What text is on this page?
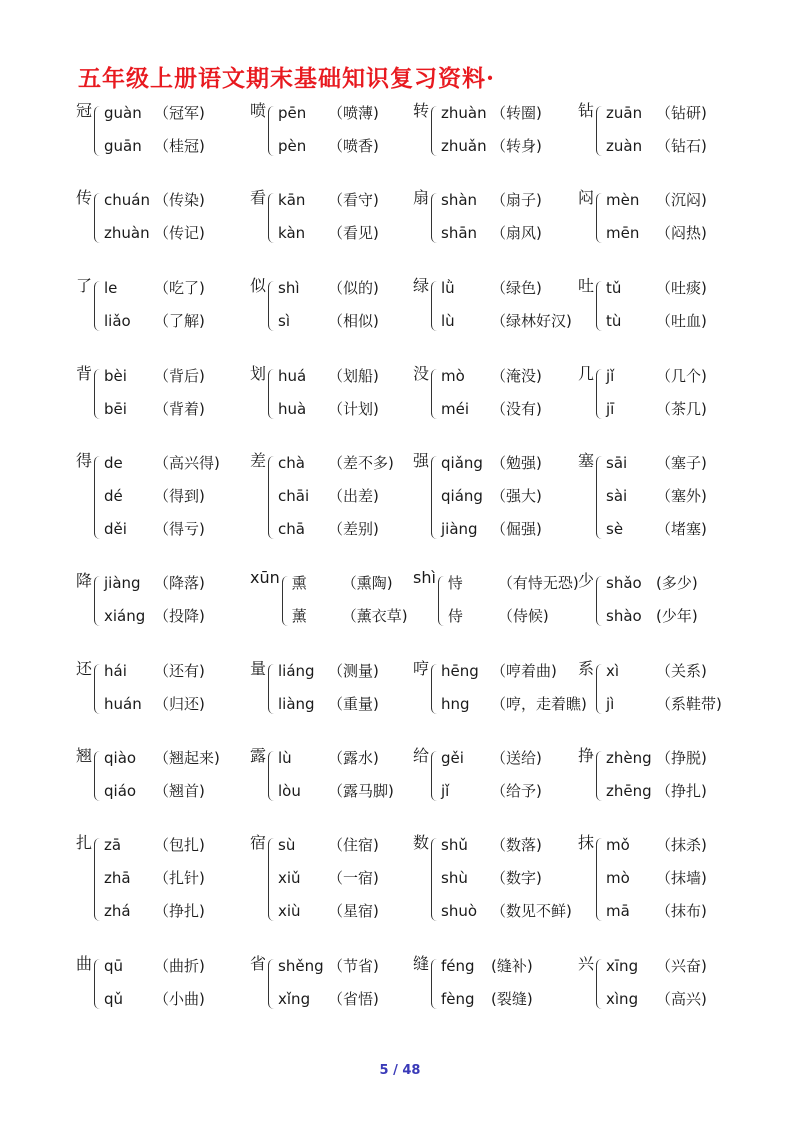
五年级上册语文期末基础知识复习资料·
冠 guàn （冠军)
guān （桂冠)
喷 pēn	（喷薄)
pèn	（喷香)
转 zhuàn （转圈)
zhuǎn （转身)
钻 zuān （钻研)
zuàn （钻石)
传 chuán （传染)
zhuàn （传记)
看 kān	（看守)
kàn	（看见)
扇 shàn （扇子)
shān （扇风)
闷 mèn	（沉闷)
mēn	（闷热)
了 le	（吃了)
liǎo	（了解)
似 shì	（似的)
sì	（相似)
绿 lǜ	（绿色)
lù	（绿林好汉)
吐 tǔ	（吐痰)
tù	（吐血)
背 bèi	（背后)
bēi	（背着)
划 huá	（划船)
huà	（计划)
没 mò	（淹没)
méi	（没有)
几 jǐ	（几个)
jī	（茶几)
得 de	（高兴得)
dé	（得到)
děi	（得亏)
差 chà	（差不多)
chāi	（出差)
chā	（差别)
强 qiǎng （勉强)
qiáng （强大)
jiàng （倔强)
塞 sāi	（塞子)
sài	（塞外)
sè	（堵塞)
降 jiàng （降落)
xiáng （投降)
xūn 熏	（熏陶)
薰	（薰衣草)
shì 恃	（有恃无恐)
侍	（侍候)
少 shǎo (多少)
shào (少年)
还 hái	（还有)
huán （归还)
量 liáng （测量)
liàng （重量)
哼 hēng （哼着曲)
hng	（哼，走着瞧)
系 xì	（关系)
jì	（系鞋带)
翘 qiào	（翘起来)
qiáo	（翘首)
露 lù	（露水)
lòu	（露马脚)
给 gěi	（送给)
jǐ	（给予)
挣 zhèng （挣脱)
zhēng （挣扎)
扎 zā	（包扎)
zhā	（扎针)
zhá	（挣扎)
宿 sù	（住宿)
xiǔ	（一宿)
xiù	（星宿)
数 shǔ	（数落)
shù	（数字)
shuò （数见不鲜)
抹 mǒ	（抹杀)
mò	（抹墙)
mā	（抹布)
曲 qū	（曲折)
qǔ	（小曲)
省 shěng （节省)
xǐng	（省悟)
缝 féng	(缝补)
fèng	(裂缝)
兴 xīng	（兴奋)
xìng	（高兴)
5 / 48
